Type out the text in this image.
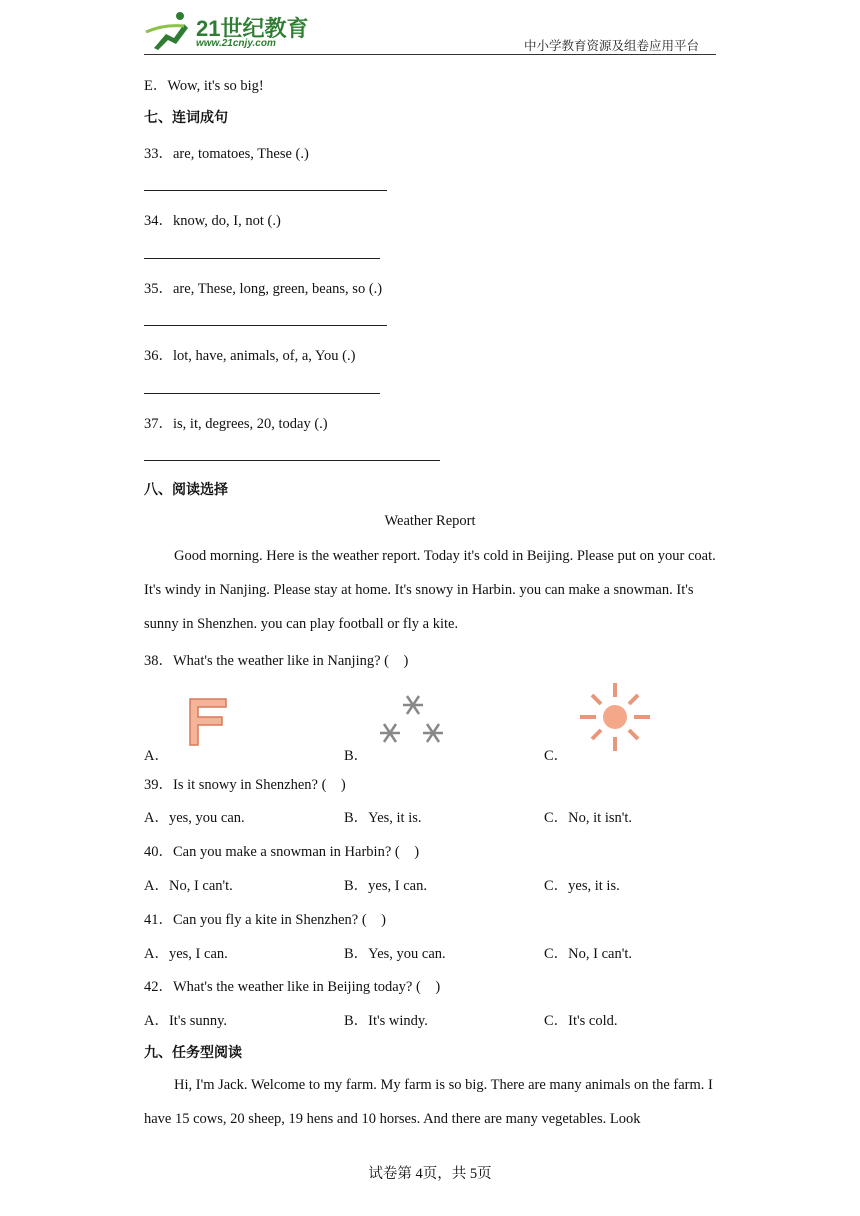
21世纪教育
www.21cnjy.com	中小学教育资源及组卷应用平台
E．Wow, it's so big!
七、连词成句
33．are, tomatoes, These (.)
34．know, do, I, not (.)
35．are, These, long, green, beans, so (.)
36．lot, have, animals, of, a, You (.)
37．is, it, degrees, 20, today (.)
八、阅读选择
Weather Report
Good morning. Here is the weather report. Today it's cold in Beijing. Please put on your coat. It's windy in Nanjing. Please stay at home. It's snowy in Harbin. you can make a snowman. It's sunny in Shenzhen. you can play football or fly a kite.
38．What's the weather like in Nanjing? (　)
A．	B．	C．
39．Is it snowy in Shenzhen? (　)
A．yes, you can.	B．Yes, it is.	C．No, it isn't.
40．Can you make a snowman in Harbin? (　)
A．No, I can't.	B．yes, I can.	C．yes, it is.
41．Can you fly a kite in Shenzhen? (　)
A．yes, I can.	B．Yes, you can.	C．No, I can't.
42．What's the weather like in Beijing today? (　)
A．It's sunny.	B．It's windy.	C．It's cold.
九、任务型阅读
Hi, I'm Jack. Welcome to my farm. My farm is so big. There are many animals on the farm. I have 15 cows, 20 sheep, 19 hens and 10 horses. And there are many vegetables. Look
试卷第 4页，共 5页
